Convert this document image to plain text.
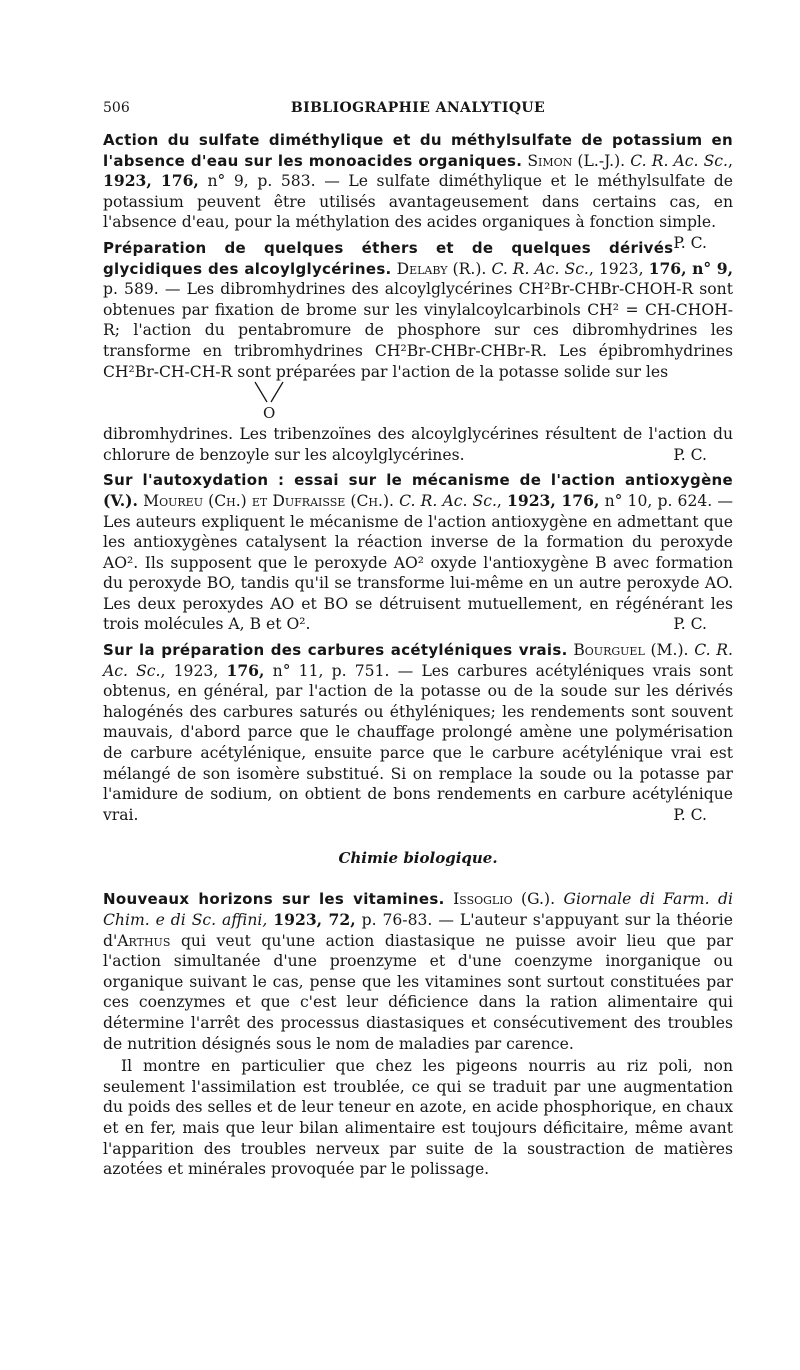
506	BIBLIOGRAPHIE ANALYTIQUE
Action du sulfate diméthylique et du méthylsulfate de potassium en l'absence d'eau sur les monoacides organiques. Simon (L.-J.). C. R. Ac. Sc., 1923, 176, n° 9, p. 583. — Le sulfate diméthylique et le méthylsulfate de potassium peuvent être utilisés avantageusement dans certains cas, en l'absence d'eau, pour la méthylation des acides organiques à fonction simple.
P. C.
Préparation de quelques éthers et de quelques dérivés glycidiques des alcoylglycérines. Delaby (R.). C. R. Ac. Sc., 1923, 176, n° 9, p. 589. — Les dibromhydrines des alcoylglycérines CH²Br-CHBr-CHOH-R sont obtenues par fixation de brome sur les vinylalcoylcarbinols CH² = CH-CHOH-R; l'action du pentabromure de phosphore sur ces dibromhydrines les transforme en tribromhydrines CH²Br-CHBr-CHBr-R. Les épibromhydrines CH²Br-CH-CH-R sont préparées par l'action de la potasse solide sur les
O
dibromhydrines. Les tribenzoïnes des alcoylglycérines résultent de l'action du chlorure de benzoyle sur les alcoylglycérines.	P. C.
Sur l'autoxydation : essai sur le mécanisme de l'action antioxygène (V.). Moureu (Ch.) et Dufraisse (Ch.). C. R. Ac. Sc., 1923, 176, n° 10, p. 624. — Les auteurs expliquent le mécanisme de l'action antioxygène en admettant que les antioxygènes catalysent la réaction inverse de la formation du peroxyde AO². Ils supposent que le peroxyde AO² oxyde l'antioxygène B avec formation du peroxyde BO, tandis qu'il se transforme lui-même en un autre peroxyde AO. Les deux peroxydes AO et BO se détruisent mutuellement, en régénérant les trois molécules A, B et O².	P. C.
Sur la préparation des carbures acétyléniques vrais. Bourguel (M.). C. R. Ac. Sc., 1923, 176, n° 11, p. 751. — Les carbures acétyléniques vrais sont obtenus, en général, par l'action de la potasse ou de la soude sur les dérivés halogénés des carbures saturés ou éthyléniques; les rendements sont souvent mauvais, d'abord parce que le chauffage prolongé amène une polymérisation de carbure acétylénique, ensuite parce que le carbure acétylénique vrai est mélangé de son isomère substitué. Si on remplace la soude ou la potasse par l'amidure de sodium, on obtient de bons rendements en carbure acétylénique vrai.	P. C.
Chimie biologique.
Nouveaux horizons sur les vitamines. Issoglio (G.). Giornale di Farm. di Chim. e di Sc. affini, 1923, 72, p. 76-83. — L'auteur s'appuyant sur la théorie d'Arthus qui veut qu'une action diastasique ne puisse avoir lieu que par l'action simultanée d'une proenzyme et d'une coenzyme inorganique ou organique suivant le cas, pense que les vitamines sont surtout constituées par ces coenzymes et que c'est leur déficience dans la ration alimentaire qui détermine l'arrêt des processus diastasiques et consécutivement des troubles de nutrition désignés sous le nom de maladies par carence.
Il montre en particulier que chez les pigeons nourris au riz poli, non seulement l'assimilation est troublée, ce qui se traduit par une augmentation du poids des selles et de leur teneur en azote, en acide phosphorique, en chaux et en fer, mais que leur bilan alimentaire est toujours déficitaire, même avant l'apparition des troubles nerveux par suite de la soustraction de matières azotées et minérales provoquée par le polissage.
